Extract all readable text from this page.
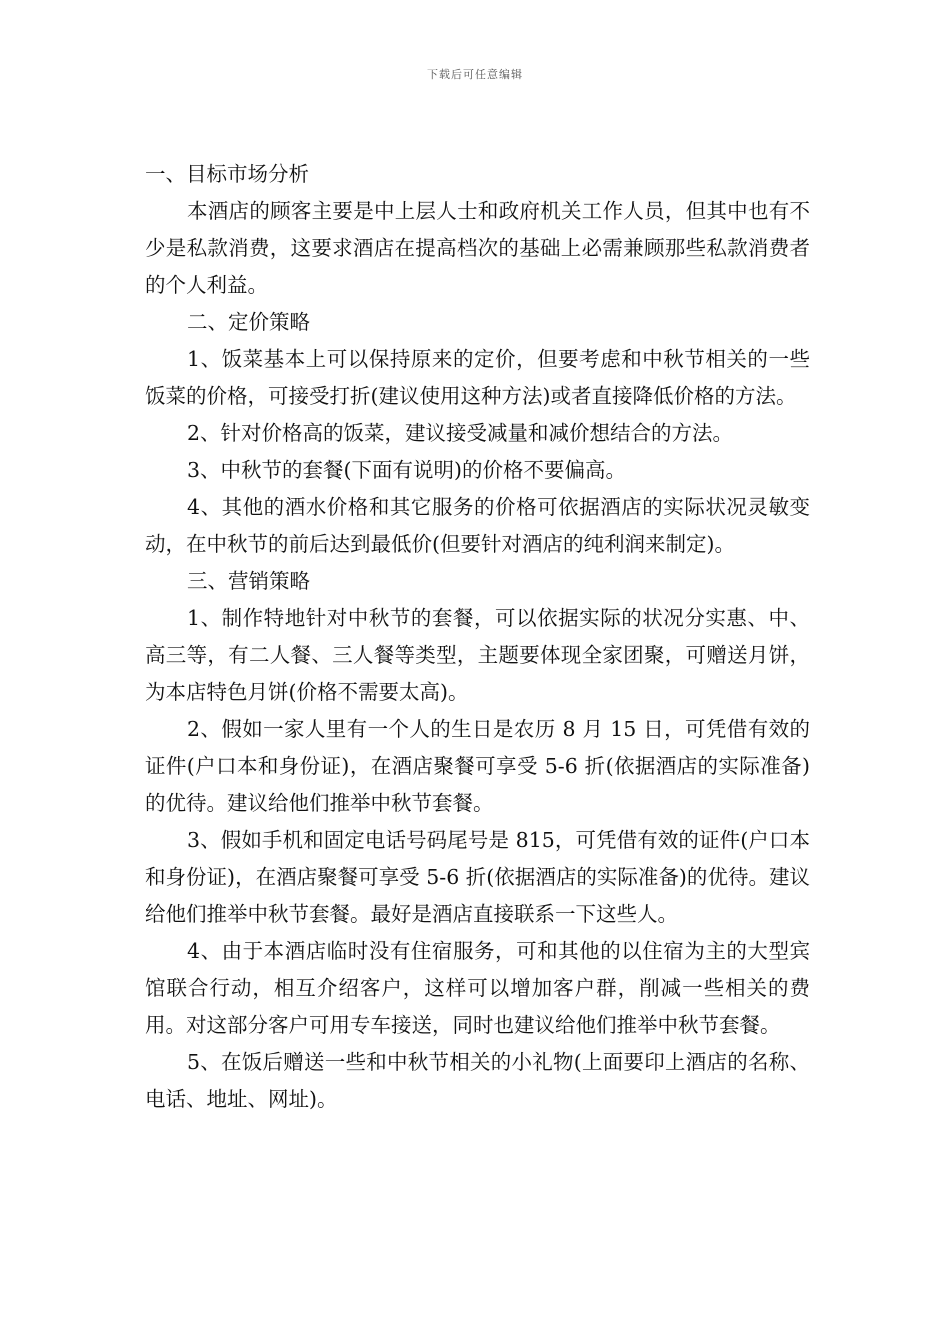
下载后可任意编辑

一、目标市场分析

本酒店的顾客主要是中上层人士和政府机关工作人员，但其中也有不少是私款消费，这要求酒店在提高档次的基础上必需兼顾那些私款消费者的个人利益。

二、定价策略

1、饭菜基本上可以保持原来的定价，但要考虑和中秋节相关的一些饭菜的价格，可接受打折(建议使用这种方法)或者直接降低价格的方法。

2、针对价格高的饭菜，建议接受减量和减价想结合的方法。

3、中秋节的套餐(下面有说明)的价格不要偏高。

4、其他的酒水价格和其它服务的价格可依据酒店的实际状况灵敏变动，在中秋节的前后达到最低价(但要针对酒店的纯利润来制定)。

三、营销策略

1、制作特地针对中秋节的套餐，可以依据实际的状况分实惠、中、高三等，有二人餐、三人餐等类型，主题要体现全家团聚，可赠送月饼，为本店特色月饼(价格不需要太高)。

2、假如一家人里有一个人的生日是农历 8 月 15 日，可凭借有效的证件(户口本和身份证)，在酒店聚餐可享受 5-6 折(依据酒店的实际准备)的优待。建议给他们推举中秋节套餐。

3、假如手机和固定电话号码尾号是 815，可凭借有效的证件(户口本和身份证)，在酒店聚餐可享受 5-6 折(依据酒店的实际准备)的优待。建议给他们推举中秋节套餐。最好是酒店直接联系一下这些人。

4、由于本酒店临时没有住宿服务，可和其他的以住宿为主的大型宾馆联合行动，相互介绍客户，这样可以增加客户群，削减一些相关的费用。对这部分客户可用专车接送，同时也建议给他们推举中秋节套餐。

5、在饭后赠送一些和中秋节相关的小礼物(上面要印上酒店的名称、电话、地址、网址)。
